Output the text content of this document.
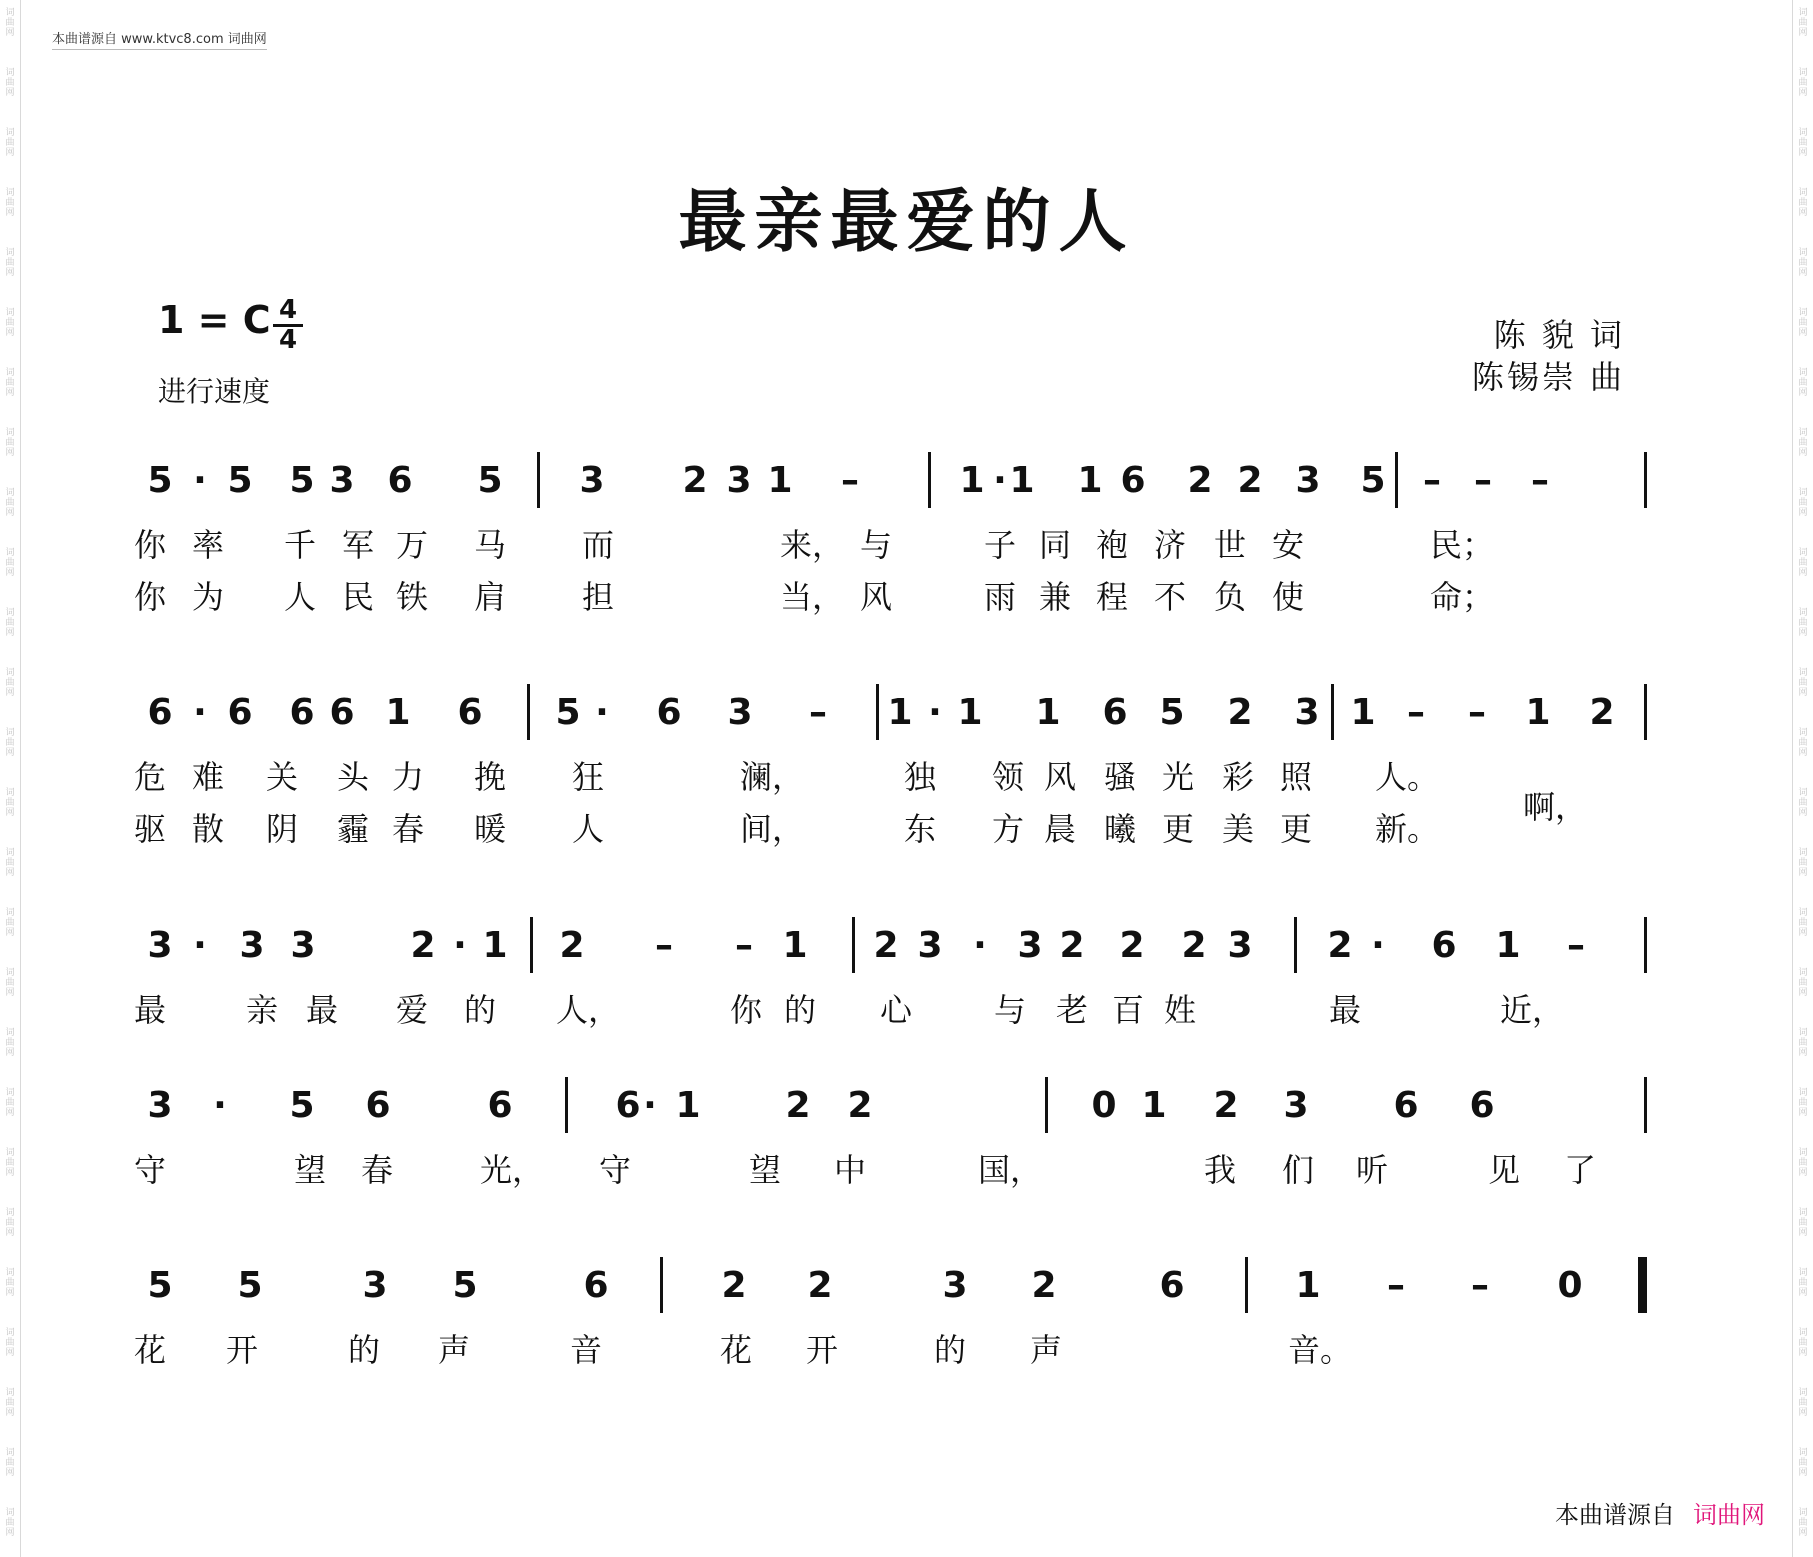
词曲网
词曲网
词曲网
词曲网
词曲网
词曲网
词曲网
词曲网
词曲网
词曲网
词曲网
词曲网
词曲网
词曲网
词曲网
词曲网
词曲网
词曲网
词曲网
词曲网
词曲网
词曲网
词曲网
词曲网
词曲网
词曲网
词曲网
词曲网
词曲网
词曲网
词曲网
词曲网
词曲网
词曲网
词曲网
词曲网
词曲网
词曲网
词曲网
词曲网
词曲网
词曲网
词曲网
词曲网
词曲网
词曲网
词曲网
词曲网
词曲网
词曲网
词曲网
词曲网
本曲谱源自 www.ktvc8.com 词曲网
最亲最爱的人
1 = C 4
4
进行速度
陈 貌 词
陈锡崇 曲
5 · 5 5 3 6 5 3 2 3 1	–	1 · 1 1 6 2 2 3 5	– –	–
你 率 千 军 万 马 而	来， 与	子 同 袍 济 世 安	民；
你 为 人 民 铁 肩 担	当， 风	雨 兼 程 不 负 使	命；
6 · 6 6 6 1 6 5 ·	6 3	–	1 · 1 1 6 5 2 3 1 –	–	1 2
危 难 关 头 力 挽 狂	澜，	独 领 风 骚 光 彩 照 人。
驱 散 阴 霾 春 暖 人	间，	东 方 晨 曦 更 美 更 新。
啊，
3 · 3 3	2 · 1 2	–	– 1 2 3 · 3 2 2 2 3 2 ·	6 1	–
最 亲 最 爱 的 人，	你 的 心	与 老 百 姓	最	近，
3	·	5 6	6	6 · 1 2 2	0 1 2 3 6 6
守	望 春	光， 守	望 中	国，	我 们 听	见 了
5 5	3 5	6	2 2	3 2	6	1	–	–	0
花 开	的 声	音	花 开	的 声	音。
本曲谱源自 词曲网
